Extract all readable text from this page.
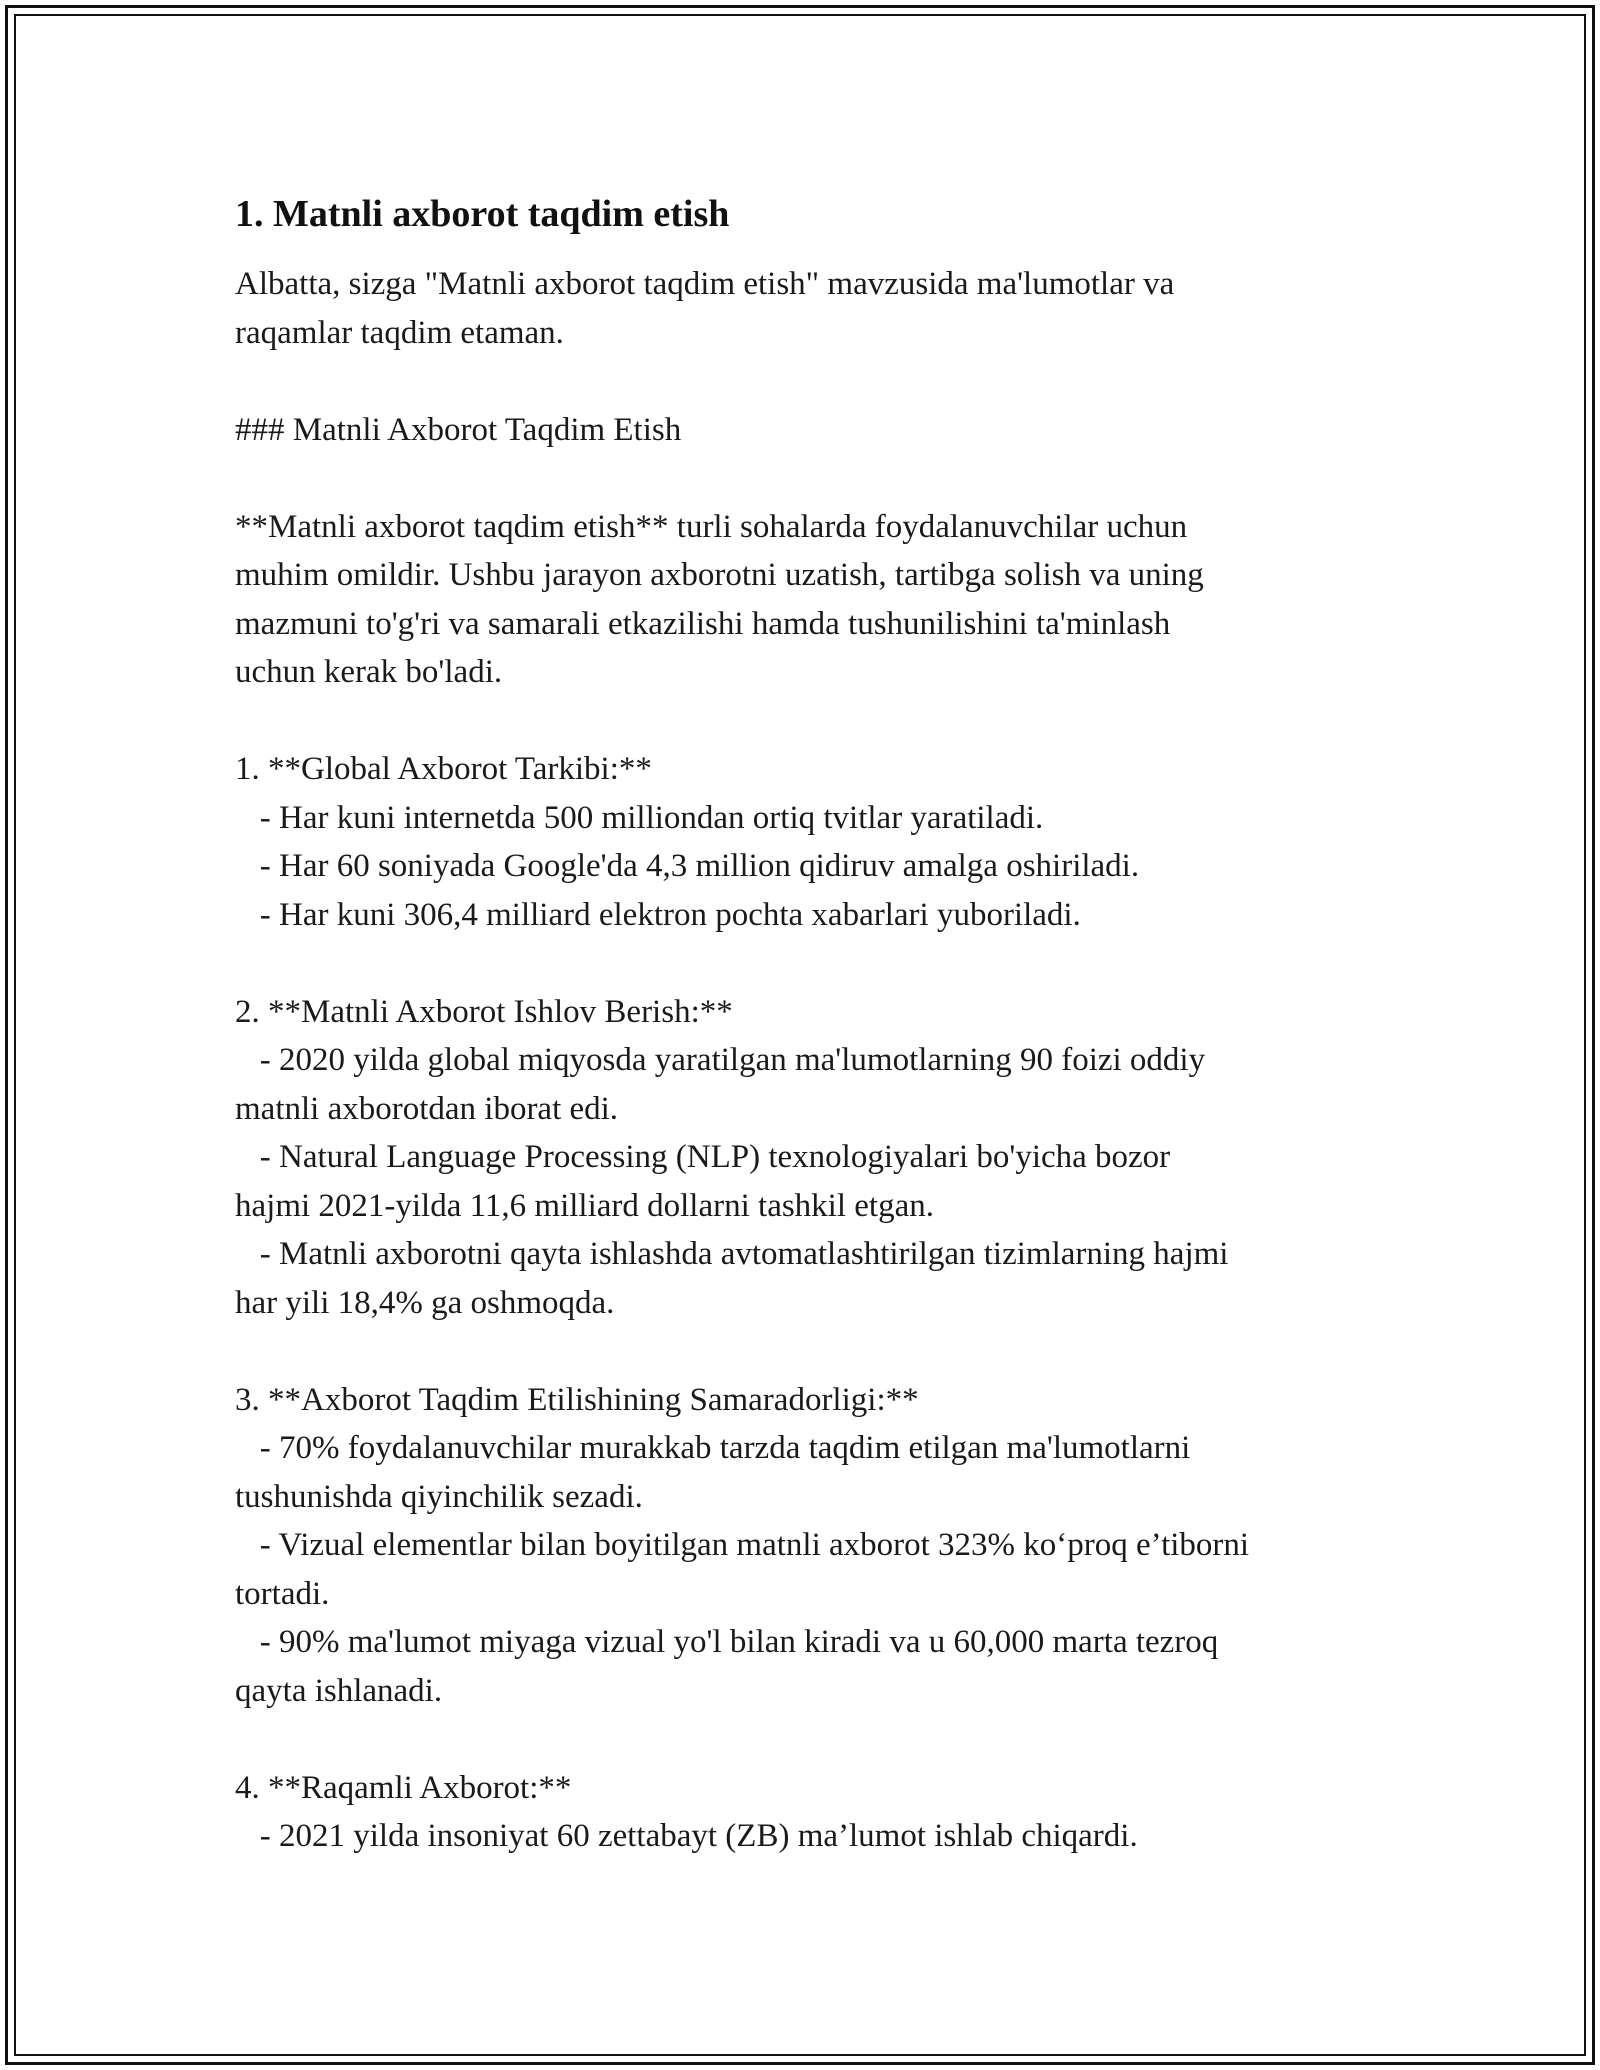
1. Matnli axborot taqdim etish

Albatta, sizga "Matnli axborot taqdim etish" mavzusida ma'lumotlar va
raqamlar taqdim etaman.

### Matnli Axborot Taqdim Etish

**Matnli axborot taqdim etish** turli sohalarda foydalanuvchilar uchun
muhim omildir. Ushbu jarayon axborotni uzatish, tartibga solish va uning
mazmuni to'g'ri va samarali etkazilishi hamda tushunilishini ta'minlash
uchun kerak bo'ladi.

1. **Global Axborot Tarkibi:**
- Har kuni internetda 500 milliondan ortiq tvitlar yaratiladi.
- Har 60 soniyada Google'da 4,3 million qidiruv amalga oshiriladi.
- Har kuni 306,4 milliard elektron pochta xabarlari yuboriladi.

2. **Matnli Axborot Ishlov Berish:**
- 2020 yilda global miqyosda yaratilgan ma'lumotlarning 90 foizi oddiy
matnli axborotdan iborat edi.
- Natural Language Processing (NLP) texnologiyalari bo'yicha bozor
hajmi 2021-yilda 11,6 milliard dollarni tashkil etgan.
- Matnli axborotni qayta ishlashda avtomatlashtirilgan tizimlarning hajmi
har yili 18,4% ga oshmoqda.

3. **Axborot Taqdim Etilishining Samaradorligi:**
- 70% foydalanuvchilar murakkab tarzda taqdim etilgan ma'lumotlarni
tushunishda qiyinchilik sezadi.
- Vizual elementlar bilan boyitilgan matnli axborot 323% ko‘proq e’tiborni
tortadi.
- 90% ma'lumot miyaga vizual yo'l bilan kiradi va u 60,000 marta tezroq
qayta ishlanadi.

4. **Raqamli Axborot:**
- 2021 yilda insoniyat 60 zettabayt (ZB) ma’lumot ishlab chiqardi.
